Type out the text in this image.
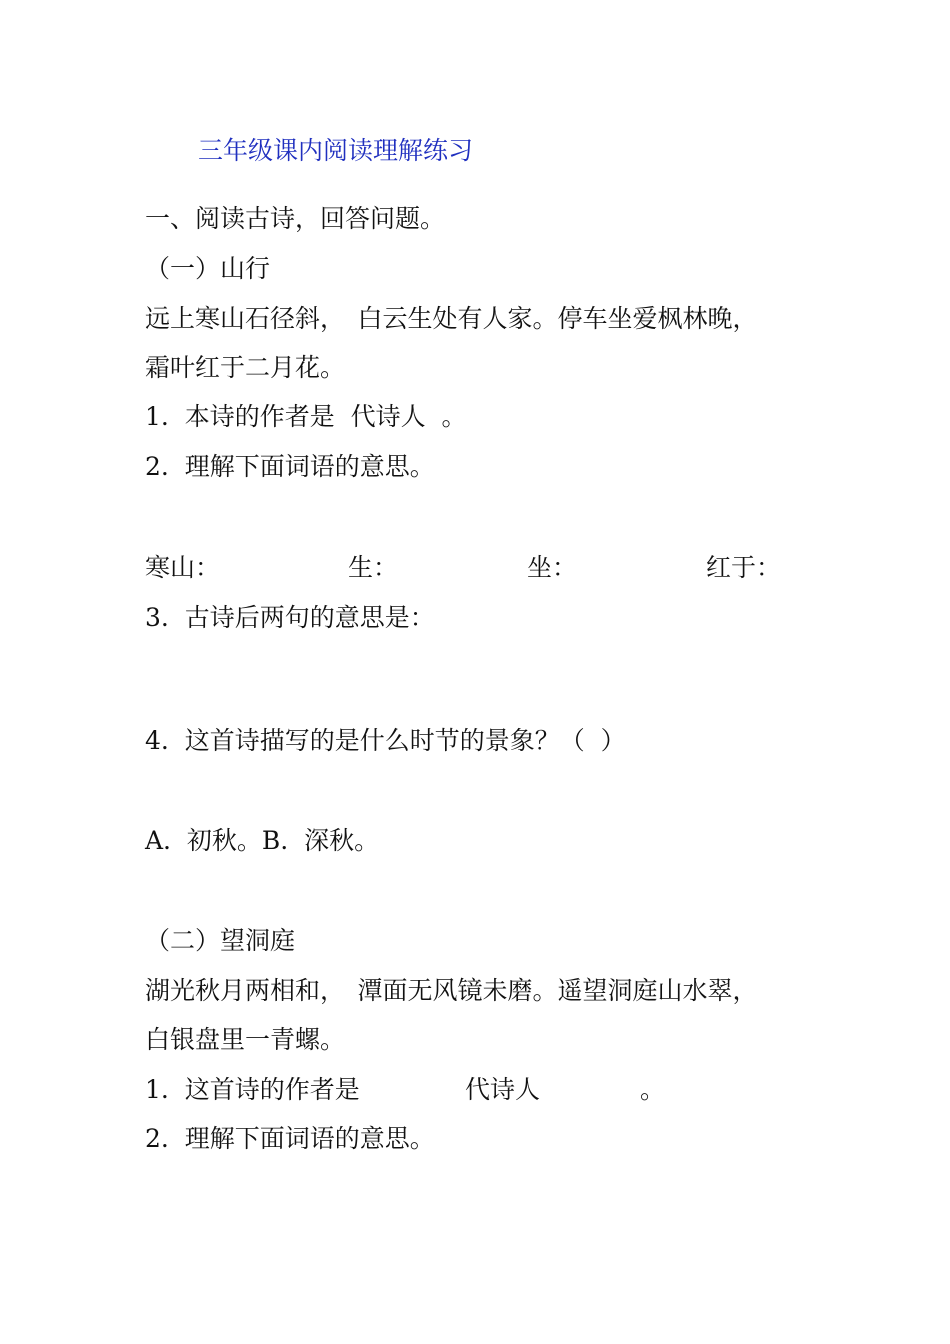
三年级课内阅读理解练习
一、阅读古诗，回答问题。
（一）山行
远上寒山石径斜，　白云生处有人家。停车坐爱枫林晚，
霜叶红于二月花。
1.  本诗的作者是  代诗人  。
2.  理解下面词语的意思。
寒山：	生：	坐：	红于：
3.  古诗后两句的意思是：
4.  这首诗描写的是什么时节的景象？（  ）
A.  初秋。B.  深秋。
（二）望洞庭
湖光秋月两相和，　潭面无风镜未磨。遥望洞庭山水翠，
白银盘里一青螺。
1.  这首诗的作者是	代诗人	。
2.  理解下面词语的意思。
